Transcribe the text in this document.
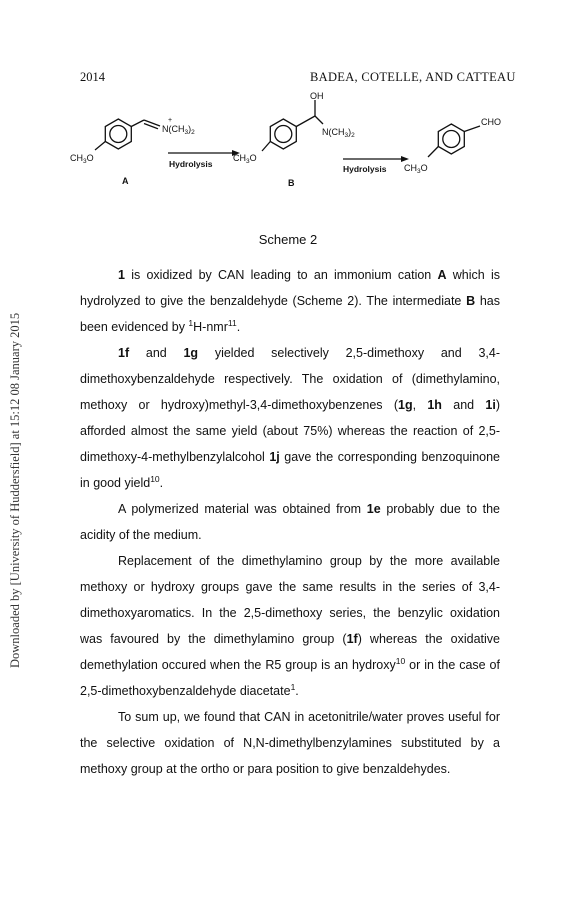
2014	BADEA, COTELLE, AND CATTEAU
Downloaded by [University of Huddersfield] at 15:12 08 January 2015
+
$N(CH_3)_2$
$CH_3O$
A
Hydrolysis
OH
$N(CH_3)_2$
$CH_3O$
B
Hydrolysis
CHO
$CH_3O$
Scheme 2

1 is oxidized by CAN leading to an immonium cation A which is hydrolyzed to give the benzaldehyde (Scheme 2). The intermediate B has been evidenced by $^1$H-nmr$^{11}$.

1f and 1g yielded selectively 2,5-dimethoxy and 3,4-dimethoxybenzaldehyde respectively. The oxidation of (dimethylamino, methoxy or hydroxy)methyl-3,4-dimethoxybenzenes (1g, 1h and 1i) afforded almost the same yield (about 75%) whereas the reaction of 2,5-dimethoxy-4-methylbenzylalcohol 1j gave the corresponding benzoquinone in good yield$^{10}$.

A polymerized material was obtained from 1e probably due to the acidity of the medium.

Replacement of the dimethylamino group by the more available methoxy or hydroxy groups gave the same results in the series of 3,4-dimethoxyaromatics. In the 2,5-dimethoxy series, the benzylic oxidation was favoured by the dimethylamino group (1f) whereas the oxidative demethylation occured when the R5 group is an hydroxy$^{10}$ or in the case of 2,5-dimethoxybenzaldehyde diacetate$^1$.

To sum up, we found that CAN in acetonitrile/water proves useful for the selective oxidation of N,N-dimethylbenzylamines substituted by a methoxy group at the ortho or para position to give benzaldehydes.
